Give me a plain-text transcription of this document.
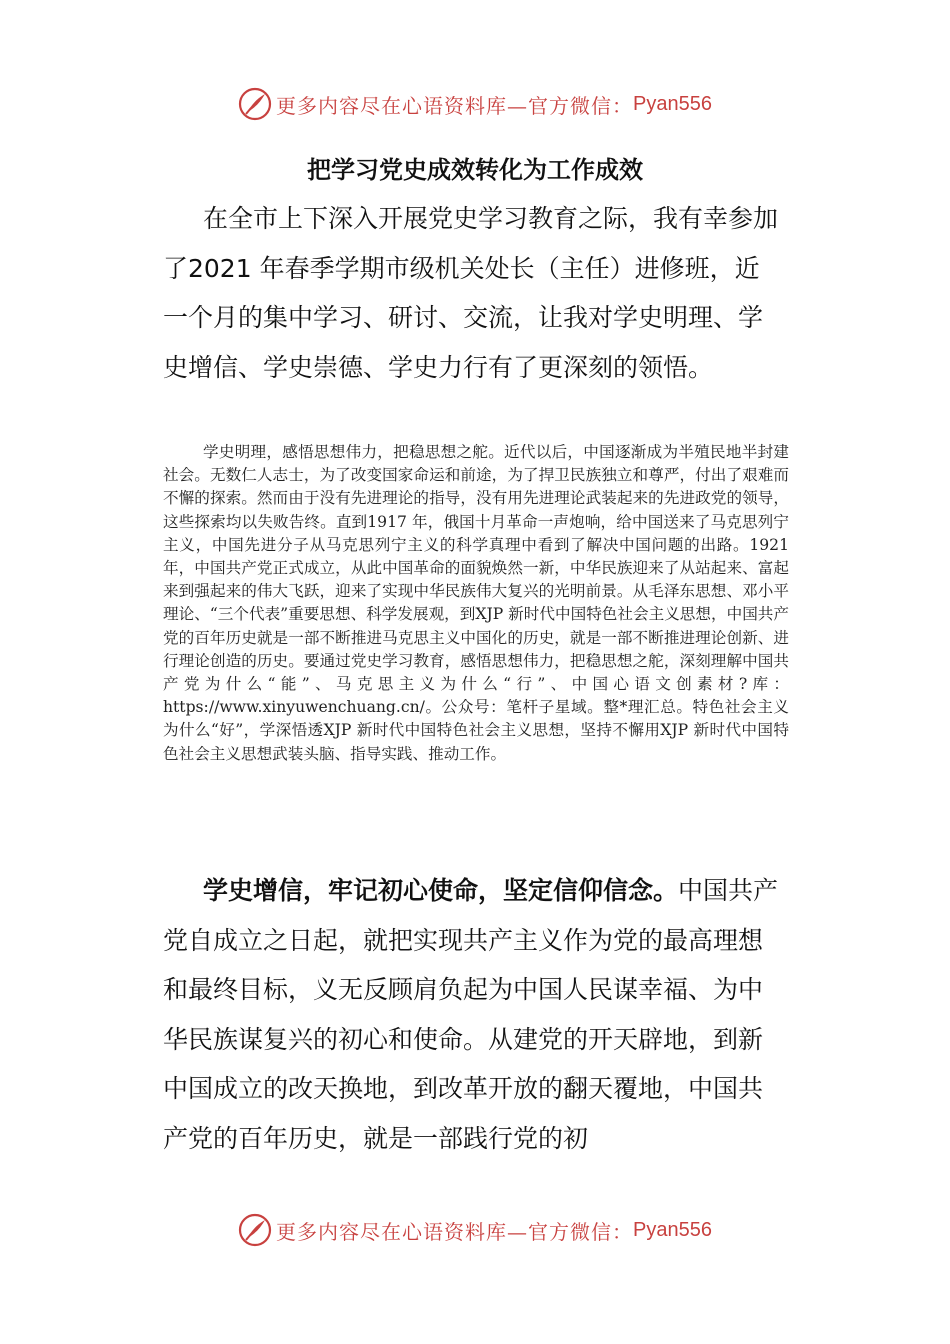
更多内容尽在心语资料库—官方微信： Pyan556
把学习党史成效转化为工作成效

在全市上下深入开展党史学习教育之际，我有幸参加了2021 年春季学期市级机关处长（主任）进修班，近一个月的集中学习、研讨、交流，让我对学史明理、学史增信、学史崇德、学史力行有了更深刻的领悟。

学史明理，感悟思想伟力，把稳思想之舵。近代以后，中国逐渐成为半殖民地半封建社会。无数仁人志士，为了改变国家命运和前途，为了捍卫民族独立和尊严，付出了艰难而不懈的探索。然而由于没有先进理论的指导，没有用先进理论武装起来的先进政党的领导，这些探索均以失败告终。直到1917 年，俄国十月革命一声炮响，给中国送来了马克思列宁主义，中国先进分子从马克思列宁主义的科学真理中看到了解决中国问题的出路。1921 年，中国共产党正式成立，从此中国革命的面貌焕然一新，中华民族迎来了从站起来、富起来到强起来的伟大飞跃，迎来了实现中华民族伟大复兴的光明前景。从毛泽东思想、邓小平理论、“三个代表”重要思想、科学发展观，到XJP 新时代中国特色社会主义思想，中国共产党的百年历史就是一部不断推进马克思主义中国化的历史，就是一部不断推进理论创新、进行理论创造的历史。要通过党史学习教育，感悟思想伟力，把稳思想之舵，深刻理解中国共产党为什么“能”、马克思主义为什么“行”、中国心语文创素材?库：https://www.xinyuwenchuang.cn/。公众号：笔杆子星域。整*理汇总。特色社会主义为什么“好”，学深悟透XJP 新时代中国特色社会主义思想，坚持不懈用XJP 新时代中国特色社会主义思想武装头脑、指导实践、推动工作。

学史增信，牢记初心使命，坚定信仰信念。中国共产党自成立之日起，就把实现共产主义作为党的最高理想和最终目标，义无反顾肩负起为中国人民谋幸福、为中华民族谋复兴的初心和使命。从建党的开天辟地，到新中国成立的改天换地，到改革开放的翻天覆地，中国共产党的百年历史，就是一部践行党的初

更多内容尽在心语资料库—官方微信： Pyan556
